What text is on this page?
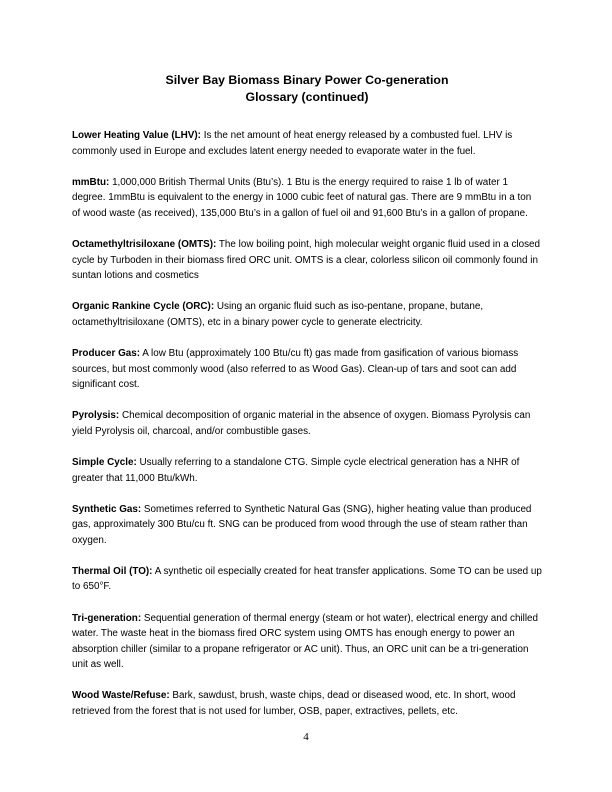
Silver Bay Biomass Binary Power Co-generation
Glossary (continued)

Lower Heating Value (LHV): Is the net amount of heat energy released by a combusted fuel. LHV is commonly used in Europe and excludes latent energy needed to evaporate water in the fuel.

mmBtu: 1,000,000 British Thermal Units (Btu’s). 1 Btu is the energy required to raise 1 lb of water 1 degree. 1mmBtu is equivalent to the energy in 1000 cubic feet of natural gas. There are 9 mmBtu in a ton of wood waste (as received), 135,000 Btu’s in a gallon of fuel oil and 91,600 Btu’s in a gallon of propane.

Octamethyltrisiloxane (OMTS): The low boiling point, high molecular weight organic fluid used in a closed cycle by Turboden in their biomass fired ORC unit. OMTS is a clear, colorless silicon oil commonly found in suntan lotions and cosmetics

Organic Rankine Cycle (ORC): Using an organic fluid such as iso-pentane, propane, butane, octamethyltrisiloxane (OMTS), etc in a binary power cycle to generate electricity.

Producer Gas: A low Btu (approximately 100 Btu/cu ft) gas made from gasification of various biomass sources, but most commonly wood (also referred to as Wood Gas). Clean-up of tars and soot can add significant cost.

Pyrolysis: Chemical decomposition of organic material in the absence of oxygen. Biomass Pyrolysis can yield Pyrolysis oil, charcoal, and/or combustible gases.

Simple Cycle: Usually referring to a standalone CTG. Simple cycle electrical generation has a NHR of greater that 11,000 Btu/kWh.

Synthetic Gas: Sometimes referred to Synthetic Natural Gas (SNG), higher heating value than produced gas, approximately 300 Btu/cu ft. SNG can be produced from wood through the use of steam rather than oxygen.

Thermal Oil (TO): A synthetic oil especially created for heat transfer applications. Some TO can be used up to 650°F.

Tri-generation: Sequential generation of thermal energy (steam or hot water), electrical energy and chilled water. The waste heat in the biomass fired ORC system using OMTS has enough energy to power an absorption chiller (similar to a propane refrigerator or AC unit). Thus, an ORC unit can be a tri-generation unit as well.

Wood Waste/Refuse: Bark, sawdust, brush, waste chips, dead or diseased wood, etc. In short, wood retrieved from the forest that is not used for lumber, OSB, paper, extractives, pellets, etc.

4
